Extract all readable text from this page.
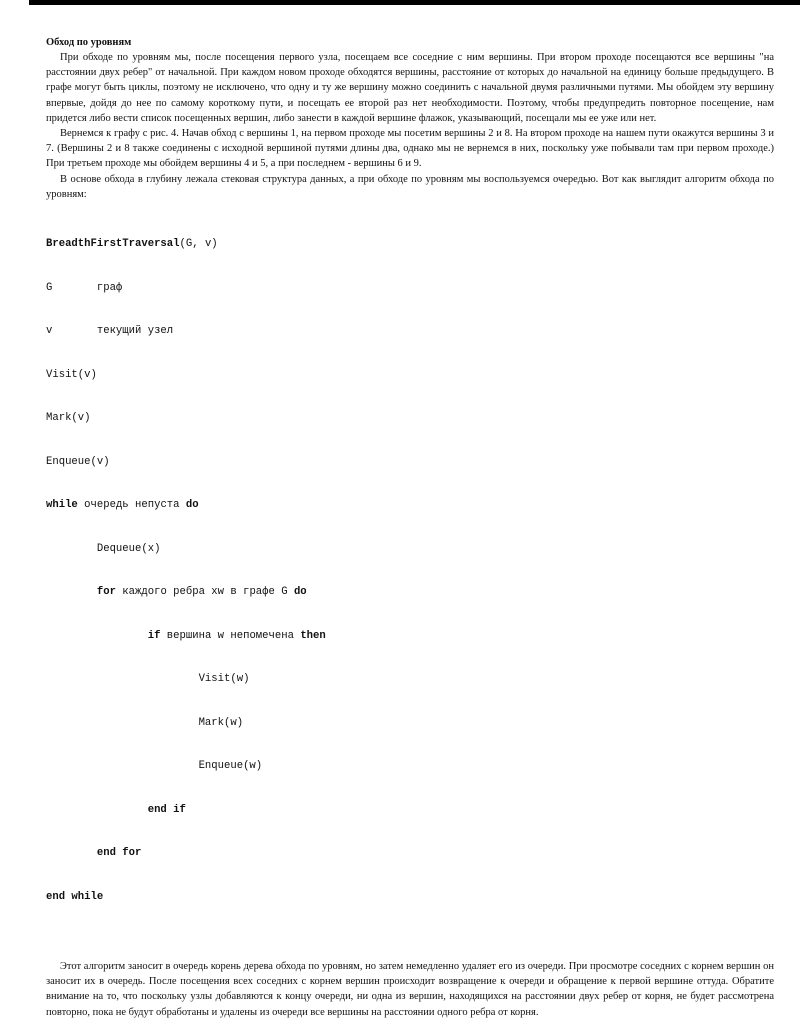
Обход по уровням

При обходе по уровням мы, после посещения первого узла, посещаем все соседние с ним вершины. При втором проходе посещаются все вершины "на расстоянии двух ребер" от начальной. При каждом новом проходе обходятся вершины, расстояние от которых до начальной на единицу больше предыдущего. В графе могут быть циклы, поэтому не исключено, что одну и ту же вершину можно соединить с начальной двумя различными путями. Мы обойдем эту вершину впервые, дойдя до нее по самому короткому пути, и посещать ее второй раз нет необходимости. Поэтому, чтобы предупредить повторное посещение, нам придется либо вести список посещенных вершин, либо занести в каждой вершине флажок, указывающий, посещали мы ее уже или нет.

Вернемся к графу с рис. 4. Начав обход с вершины 1, на первом проходе мы посетим вершины 2 и 8. На втором проходе на нашем пути окажутся вершины 3 и 7. (Вершины 2 и 8 также соединены с исходной вершиной путями длины два, однако мы не вернемся в них, поскольку уже побывали там при первом проходе.) При третьем проходе мы обойдем вершины 4 и 5, а при последнем - вершины 6 и 9.

В основе обхода в глубину лежала стековая структура данных, а при обходе по уровням мы воспользуемся очередью. Вот как выглядит алгоритм обхода по уровням:

BreadthFirstTraversal(G, v)

G       граф

v       текущий узел

Visit(v)

Mark(v)

Enqueue(v)

while очередь непуста do

Dequeue(x)

for каждого ребра xw в графе G do

if вершина w непомечена then

Visit(w)

Mark(w)

Enqueue(w)

end if

end for

end while

Этот алгоритм заносит в очередь корень дерева обхода по уровням, но затем немедленно удаляет его из очереди. При просмотре соседних с корнем вершин он заносит их в очередь. После посещения всех соседних с корнем вершин происходит возвращение к очереди и обращение к первой вершине оттуда. Обратите внимание на то, что поскольку узлы добавляются к концу очереди, ни одна из вершин, находящихся на расстоянии двух ребер от корня, не будет рассмотрена повторно, пока не будут обработаны и удалены из очереди все вершины на расстоянии одного ребра от корня.
